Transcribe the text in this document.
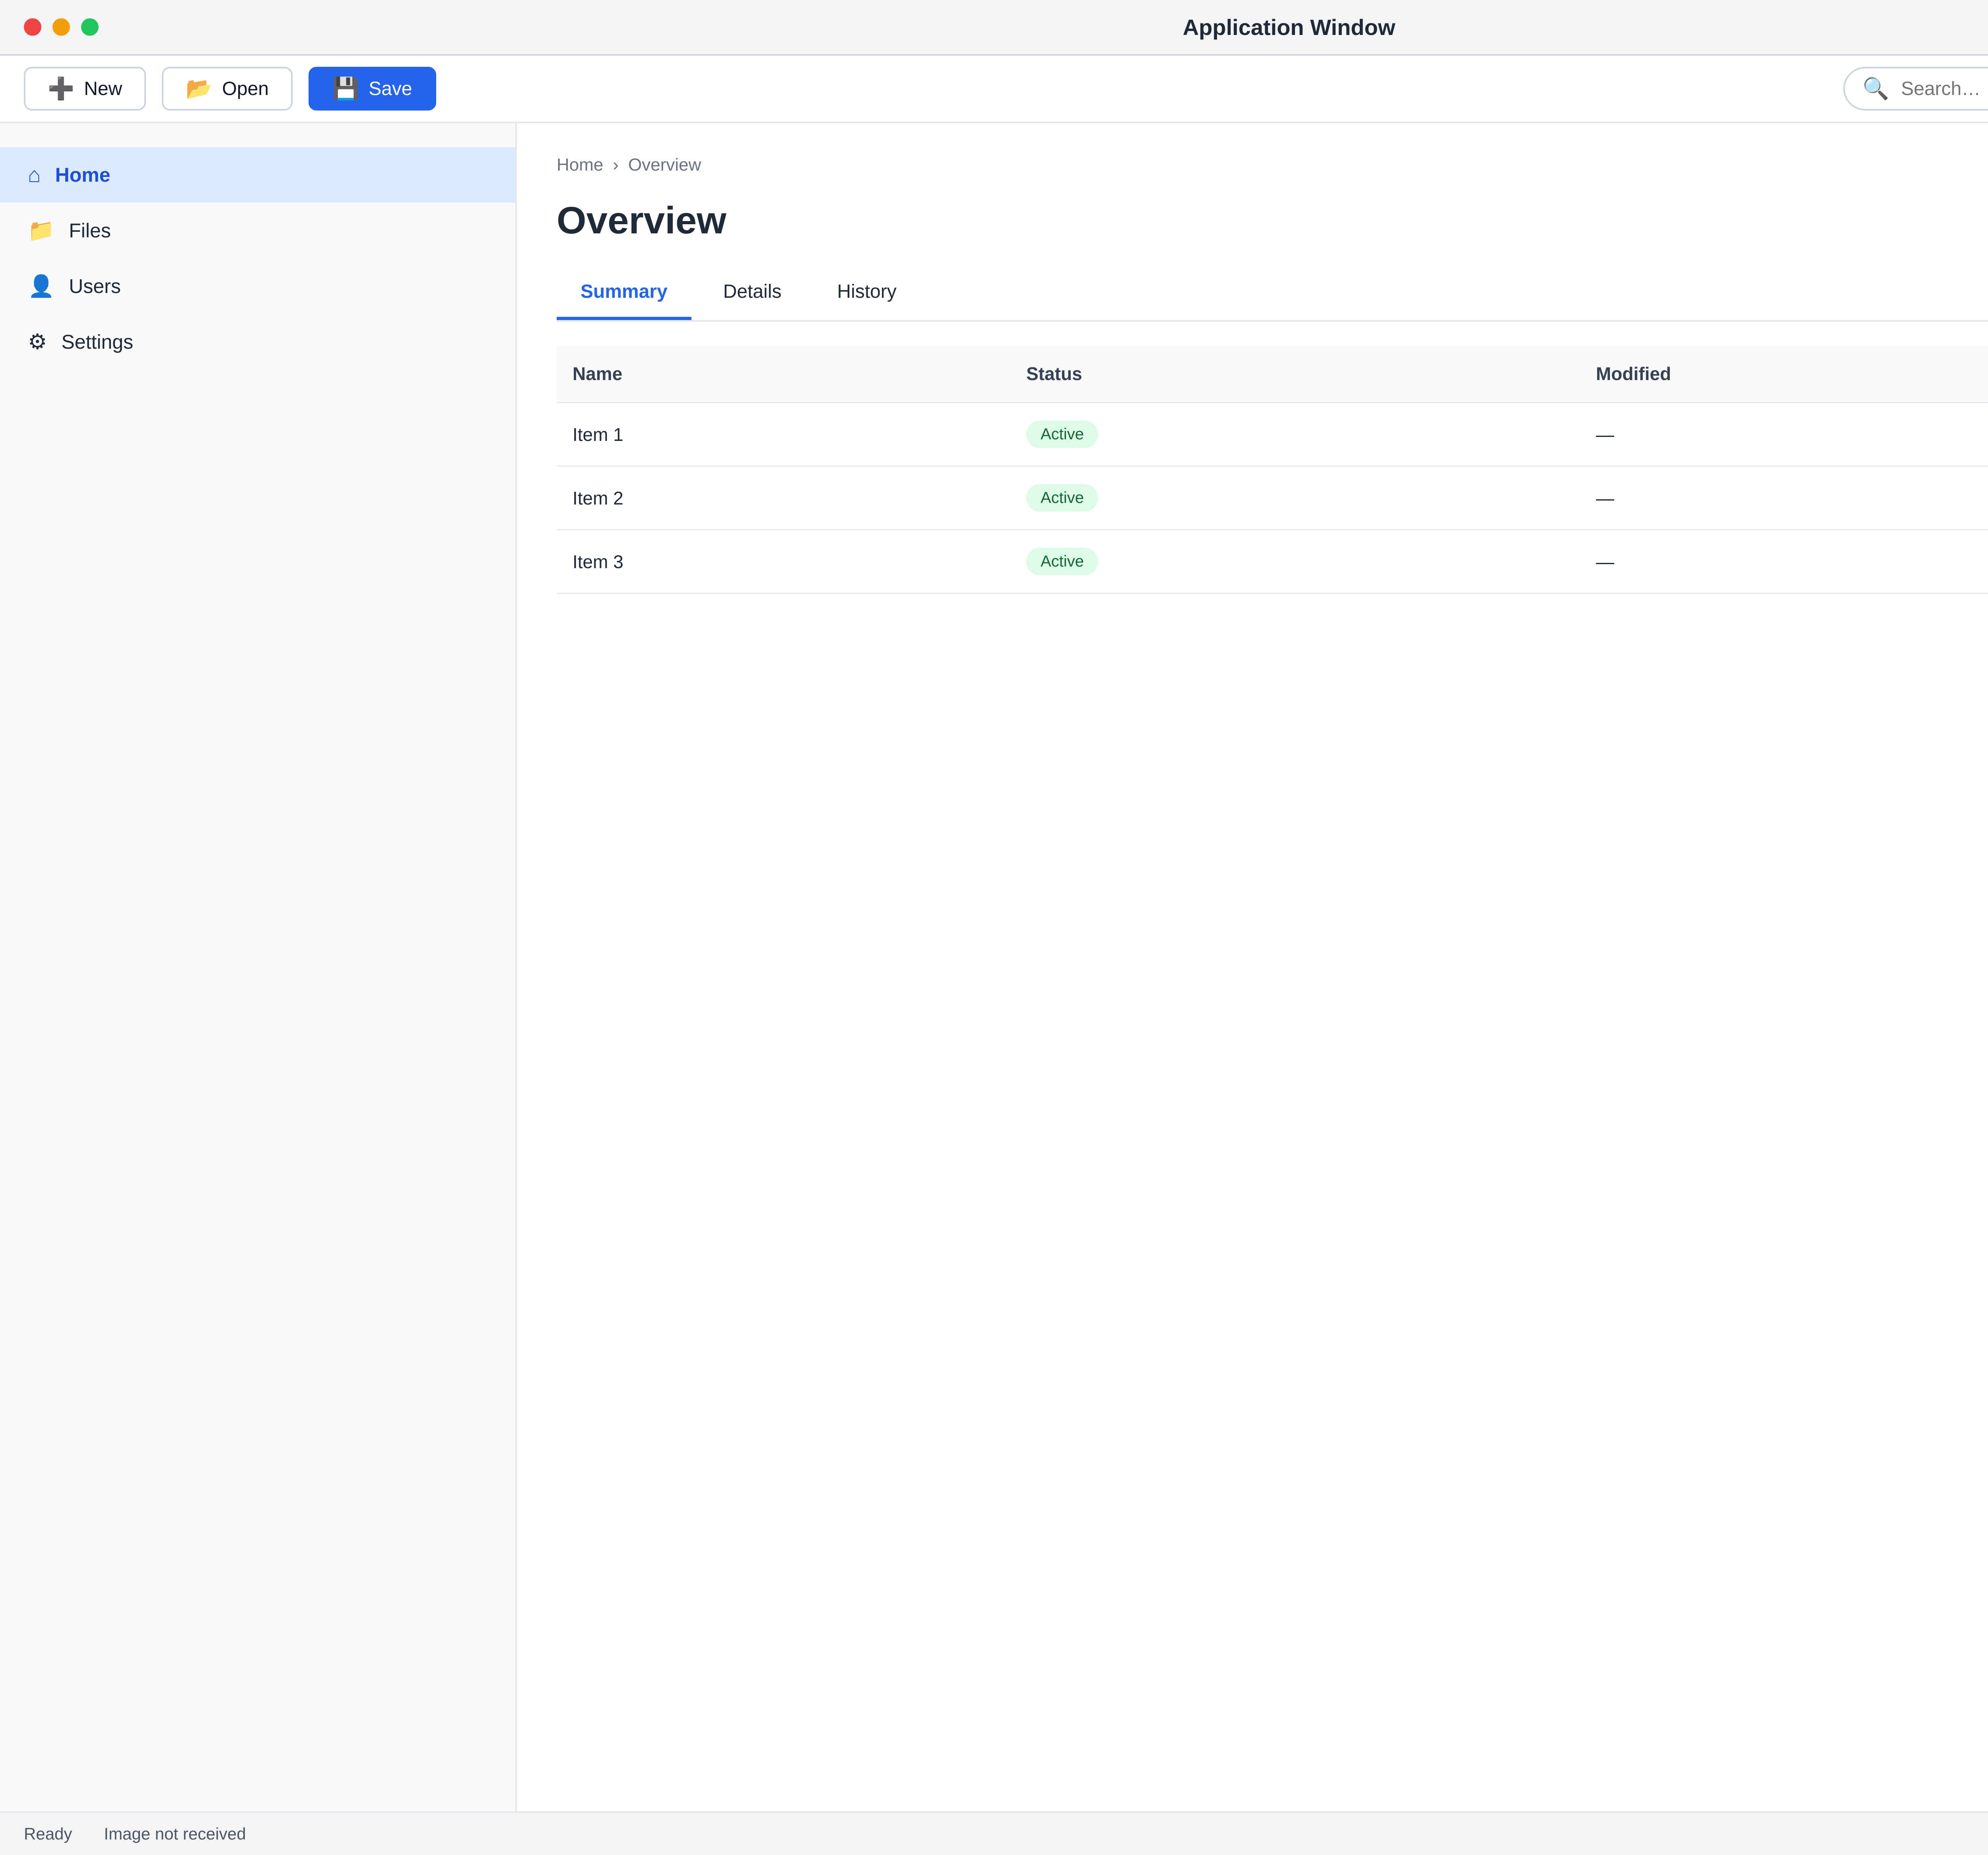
Application Window
➕ New	📂 Open	💾 Save	🔍
Search…
⌂ Home
📁 Files
👤 Users
⚙ Settings
Home › Overview
Overview
Summary	Details	History
Name	Status	Modified	
Item 1	Active	—	
Item 2	Active	—	
Item 3	Active	—	
Ready Image not received
